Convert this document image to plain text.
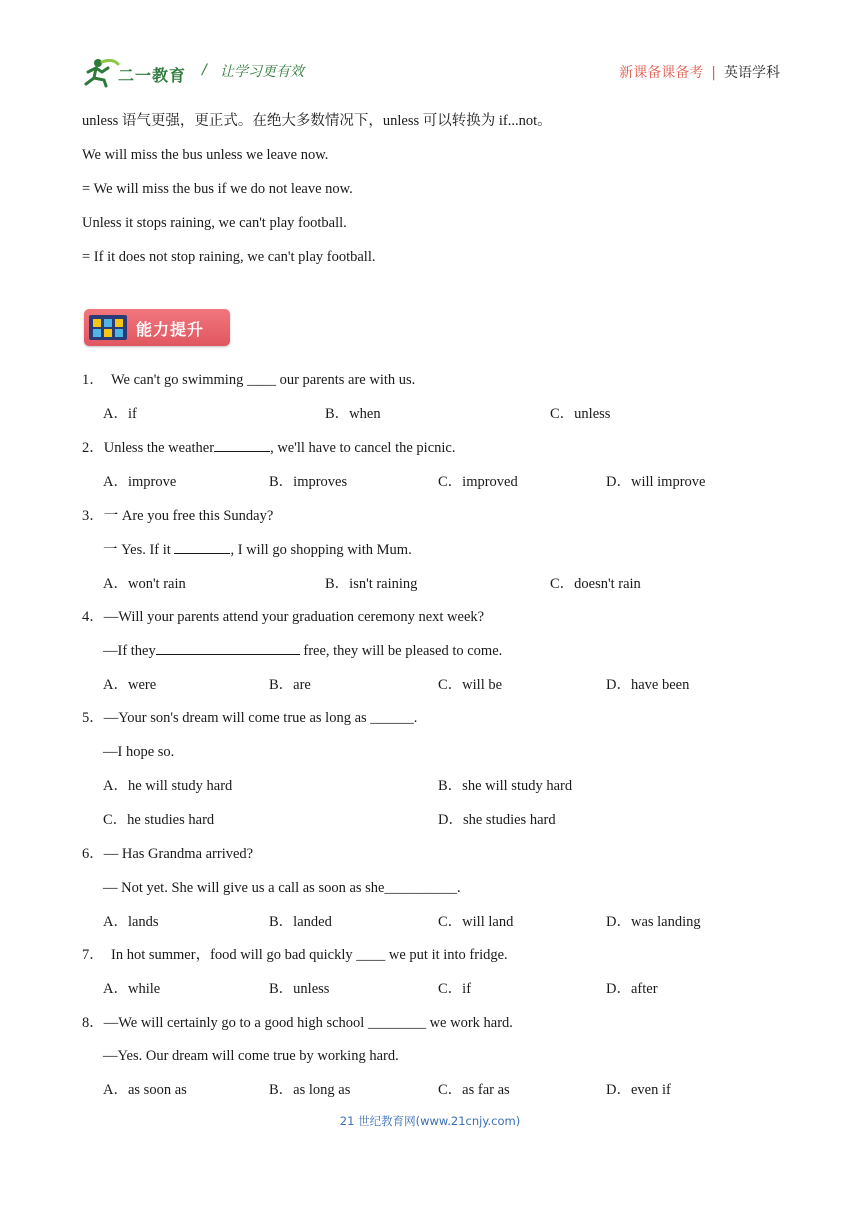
二一教育 / 让学习更有效	新课备课备考 | 英语学科
unless 语气更强，更正式。在绝大多数情况下，unless 可以转换为 if...not。
We will miss the bus unless we leave now.
= We will miss the bus if we do not leave now.
Unless it stops raining, we can't play football.
= If it does not stop raining, we can't play football.
能力提升
1． We can't go swimming ____ our parents are with us.
A．if	B．when	C．unless
2．Unless the weather	, we'll have to cancel the picnic.
A．improve	B．improves	C．improved	D．will improve
3．一 Are you free this Sunday?
一 Yes. If it	, I will go shopping with Mum.
A．won't rain	B．isn't raining	C．doesn't rain
4．—Will your parents attend your graduation ceremony next week?
—If they	free, they will be pleased to come.
A．were	B．are	C．will be	D．have been
5．—Your son's dream will come true as long as ______.
—I hope so.
A．he will study hard	B．she will study hard
C．he studies hard	D．she studies hard
6．— Has Grandma arrived?
— Not yet. She will give us a call as soon as she__________.
A．lands	B．landed	C．will land	D．was landing
7． In hot summer，food will go bad quickly ____ we put it into fridge.
A．while	B．unless	C．if	D．after
8．—We will certainly go to a good high school ________ we work hard.
—Yes. Our dream will come true by working hard.
A．as soon as	B．as long as	C．as far as	D．even if
21 世纪教育网(www.21cnjy.com)
